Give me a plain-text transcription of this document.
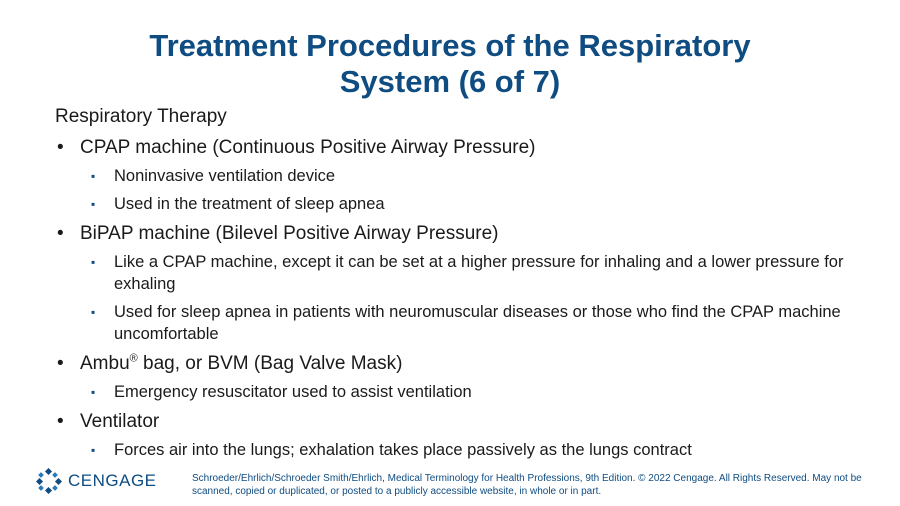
Treatment Procedures of the Respiratory
System (6 of 7)
Respiratory Therapy
• CPAP machine (Continuous Positive Airway Pressure)
▪ Noninvasive ventilation device
▪ Used in the treatment of sleep apnea
• BiPAP machine (Bilevel Positive Airway Pressure)
▪ Like a CPAP machine, except it can be set at a higher pressure for inhaling and a lower pressure for exhaling
▪ Used for sleep apnea in patients with neuromuscular diseases or those who find the CPAP machine uncomfortable
• Ambu® bag, or BVM (Bag Valve Mask)
▪ Emergency resuscitator used to assist ventilation
• Ventilator
▪ Forces air into the lungs; exhalation takes place passively as the lungs contract
CENGAGE	Schroeder/Ehrlich/Schroeder Smith/Ehrlich, Medical Terminology for Health Professions, 9th Edition. © 2022 Cengage. All Rights Reserved. May not be scanned, copied or duplicated, or posted to a publicly accessible website, in whole or in part.
